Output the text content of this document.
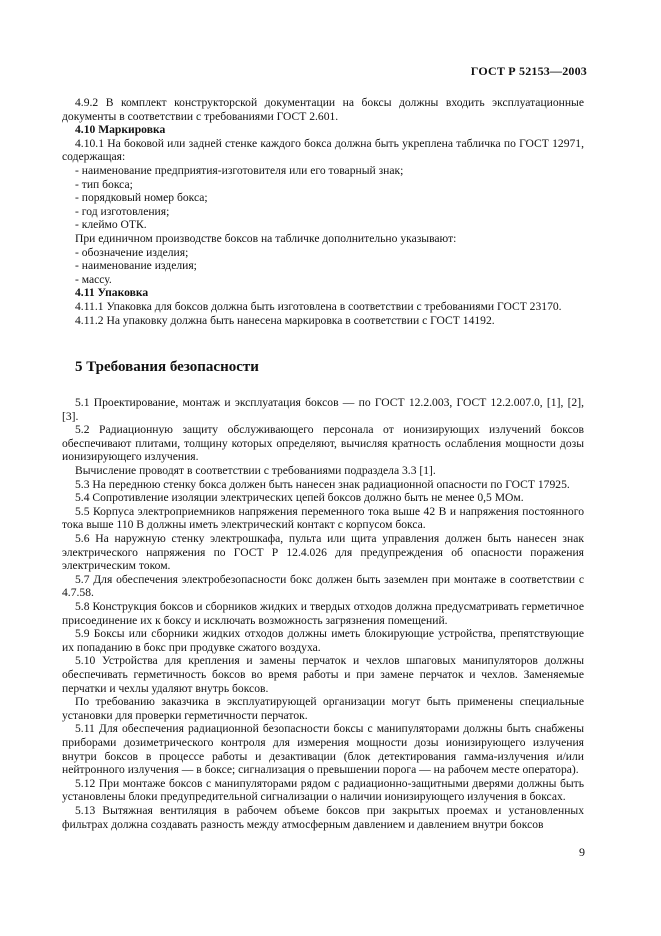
ГОСТ Р 52153—2003

4.9.2 В комплект конструкторской документации на боксы должны входить эксплуатационные документы в соответствии с требованиями ГОСТ 2.601.

4.10 Маркировка

4.10.1 На боковой или задней стенке каждого бокса должна быть укреплена табличка по ГОСТ 12971, содержащая:

- наименование предприятия-изготовителя или его товарный знак;

- тип бокса;

- порядковый номер бокса;

- год изготовления;

- клеймо ОТК.

При единичном производстве боксов на табличке дополнительно указывают:

- обозначение изделия;

- наименование изделия;

- массу.

4.11 Упаковка

4.11.1 Упаковка для боксов должна быть изготовлена в соответствии с требованиями ГОСТ 23170.

4.11.2 На упаковку должна быть нанесена маркировка в соответствии с ГОСТ 14192.

5 Требования безопасности

5.1 Проектирование, монтаж и эксплуатация боксов — по ГОСТ 12.2.003, ГОСТ 12.2.007.0, [1], [2], [3].

5.2 Радиационную защиту обслуживающего персонала от ионизирующих излучений боксов обеспечивают плитами, толщину которых определяют, вычисляя кратность ослабления мощности дозы ионизирующего излучения.

Вычисление проводят в соответствии с требованиями подраздела 3.3 [1].

5.3 На переднюю стенку бокса должен быть нанесен знак радиационной опасности по ГОСТ 17925.

5.4 Сопротивление изоляции электрических цепей боксов должно быть не менее 0,5 МОм.

5.5 Корпуса электроприемников напряжения переменного тока выше 42 В и напряжения постоянного тока выше 110 В должны иметь электрический контакт с корпусом бокса.

5.6 На наружную стенку электрошкафа, пульта или щита управления должен быть нанесен знак электрического напряжения по ГОСТ Р 12.4.026 для предупреждения об опасности поражения электрическим током.

5.7 Для обеспечения электробезопасности бокс должен быть заземлен при монтаже в соответствии с 4.7.58.

5.8 Конструкция боксов и сборников жидких и твердых отходов должна предусматривать герметичное присоединение их к боксу и исключать возможность загрязнения помещений.

5.9 Боксы или сборники жидких отходов должны иметь блокирующие устройства, препятствующие их попаданию в бокс при продувке сжатого воздуха.

5.10 Устройства для крепления и замены перчаток и чехлов шпаговых манипуляторов должны обеспечивать герметичность боксов во время работы и при замене перчаток и чехлов. Заменяемые перчатки и чехлы удаляют внутрь боксов.

По требованию заказчика в эксплуатирующей организации могут быть применены специальные установки для проверки герметичности перчаток.

5.11 Для обеспечения радиационной безопасности боксы с манипуляторами должны быть снабжены приборами дозиметрического контроля для измерения мощности дозы ионизирующего излучения внутри боксов в процессе работы и дезактивации (блок детектирования гамма-излучения и/или нейтронного излучения — в боксе; сигнализация о превышении порога — на рабочем месте оператора).

5.12 При монтаже боксов с манипуляторами рядом с радиационно-защитными дверями должны быть установлены блоки предупредительной сигнализации о наличии ионизирующего излучения в боксах.

5.13 Вытяжная вентиляция в рабочем объеме боксов при закрытых проемах и установленных фильтрах должна создавать разность между атмосферным давлением и давлением внутри боксов

9
